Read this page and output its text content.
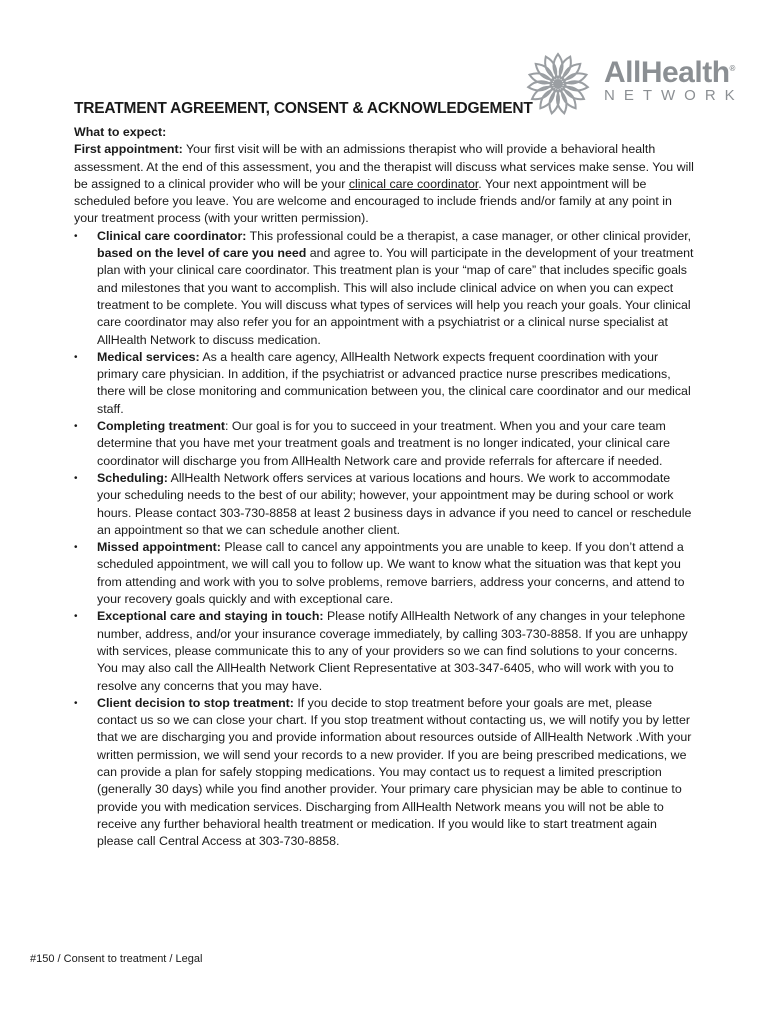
AllHealth®
NETWORK
TREATMENT AGREEMENT, CONSENT & ACKNOWLEDGEMENT

What to expect:

First appointment: Your first visit will be with an admissions therapist who will provide a behavioral health assessment. At the end of this assessment, you and the therapist will discuss what services make sense. You will be assigned to a clinical provider who will be your clinical care coordinator. Your next appointment will be scheduled before you leave. You are welcome and encouraged to include friends and/or family at any point in your treatment process (with your written permission).

• Clinical care coordinator: This professional could be a therapist, a case manager, or other clinical provider, based on the level of care you need and agree to. You will participate in the development of your treatment plan with your clinical care coordinator. This treatment plan is your “map of care” that includes specific goals and milestones that you want to accomplish. This will also include clinical advice on when you can expect treatment to be complete. You will discuss what types of services will help you reach your goals. Your clinical care coordinator may also refer you for an appointment with a psychiatrist or a clinical nurse specialist at AllHealth Network to discuss medication.
• Medical services: As a health care agency, AllHealth Network expects frequent coordination with your primary care physician. In addition, if the psychiatrist or advanced practice nurse prescribes medications, there will be close monitoring and communication between you, the clinical care coordinator and our medical staff.
• Completing treatment: Our goal is for you to succeed in your treatment. When you and your care team determine that you have met your treatment goals and treatment is no longer indicated, your clinical care coordinator will discharge you from AllHealth Network care and provide referrals for aftercare if needed.
• Scheduling: AllHealth Network offers services at various locations and hours. We work to accommodate your scheduling needs to the best of our ability; however, your appointment may be during school or work hours. Please contact 303-730-8858 at least 2 business days in advance if you need to cancel or reschedule an appointment so that we can schedule another client.
• Missed appointment: Please call to cancel any appointments you are unable to keep. If you don’t attend a scheduled appointment, we will call you to follow up. We want to know what the situation was that kept you from attending and work with you to solve problems, remove barriers, address your concerns, and attend to your recovery goals quickly and with exceptional care.
• Exceptional care and staying in touch: Please notify AllHealth Network of any changes in your telephone number, address, and/or your insurance coverage immediately, by calling 303-730-8858. If you are unhappy with services, please communicate this to any of your providers so we can find solutions to your concerns. You may also call the AllHealth Network Client Representative at 303-347-6405, who will work with you to resolve any concerns that you may have.
• Client decision to stop treatment: If you decide to stop treatment before your goals are met, please contact us so we can close your chart. If you stop treatment without contacting us, we will notify you by letter that we are discharging you and provide information about resources outside of AllHealth Network .With your written permission, we will send your records to a new provider. If you are being prescribed medications, we can provide a plan for safely stopping medications. You may contact us to request a limited prescription (generally 30 days) while you find another provider. Your primary care physician may be able to continue to provide you with medication services. Discharging from AllHealth Network means you will not be able to receive any further behavioral health treatment or medication. If you would like to start treatment again please call Central Access at 303-730-8858.
#150 / Consent to treatment / Legal
